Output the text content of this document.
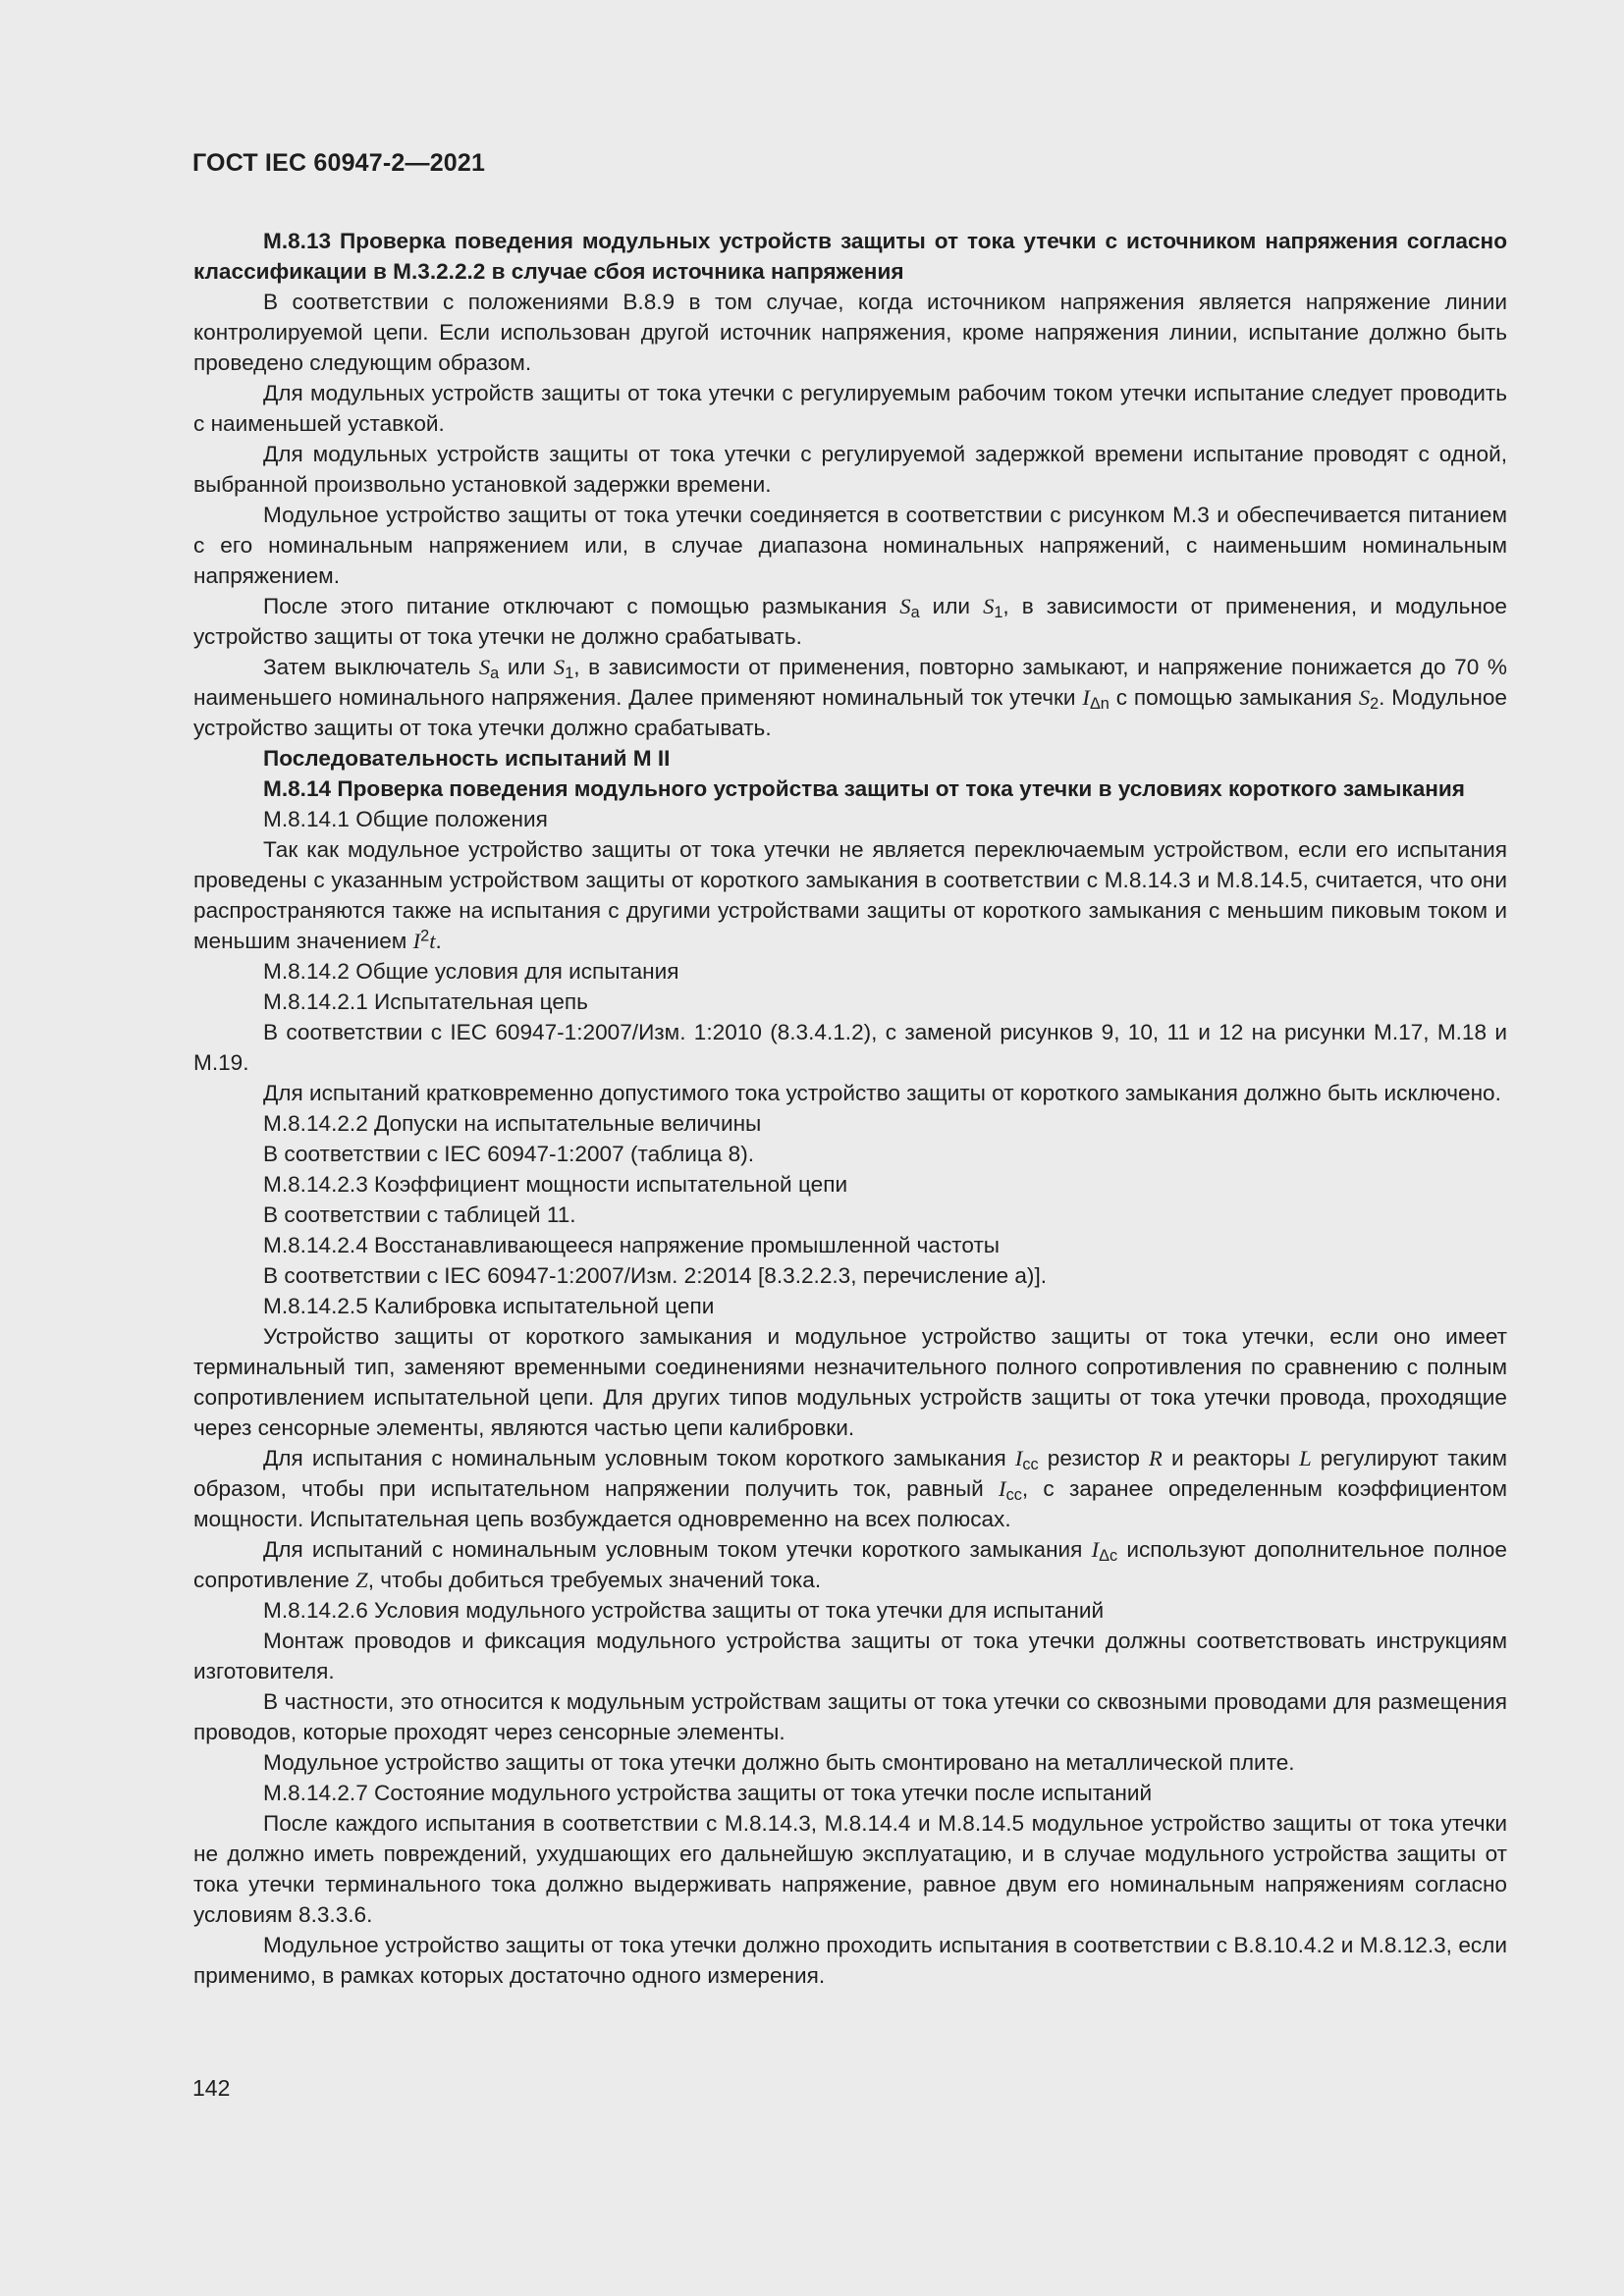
ГОСТ IEC 60947-2—2021

М.8.13 Проверка поведения модульных устройств защиты от тока утечки с источником напряжения согласно классификации в М.3.2.2.2 в случае сбоя источника напряжения

В соответствии с положениями В.8.9 в том случае, когда источником напряжения является напряжение линии контролируемой цепи. Если использован другой источник напряжения, кроме напряжения линии, испытание должно быть проведено следующим образом.

Для модульных устройств защиты от тока утечки с регулируемым рабочим током утечки испытание следует проводить с наименьшей уставкой.

Для модульных устройств защиты от тока утечки с регулируемой задержкой времени испытание проводят с одной, выбранной произвольно установкой задержки времени.

Модульное устройство защиты от тока утечки соединяется в соответствии с рисунком М.3 и обеспечивается питанием с его номинальным напряжением или, в случае диапазона номинальных напряжений, с наименьшим номинальным напряжением.

После этого питание отключают с помощью размыкания $S_a$ или $S_1$, в зависимости от применения, и модульное устройство защиты от тока утечки не должно срабатывать.

Затем выключатель $S_a$ или $S_1$, в зависимости от применения, повторно замыкают, и напряжение понижается до 70 % наименьшего номинального напряжения. Далее применяют номинальный ток утечки $I_{\Delta n}$ с помощью замыкания $S_2$. Модульное устройство защиты от тока утечки должно срабатывать.

Последовательность испытаний М II

М.8.14 Проверка поведения модульного устройства защиты от тока утечки в условиях короткого замыкания

М.8.14.1 Общие положения

Так как модульное устройство защиты от тока утечки не является переключаемым устройством, если его испытания проведены с указанным устройством защиты от короткого замыкания в соответствии с М.8.14.3 и М.8.14.5, считается, что они распространяются также на испытания с другими устройствами защиты от короткого замыкания с меньшим пиковым током и меньшим значением $I^2t$.

М.8.14.2 Общие условия для испытания

М.8.14.2.1 Испытательная цепь

В соответствии с IEC 60947-1:2007/Изм. 1:2010 (8.3.4.1.2), с заменой рисунков 9, 10, 11 и 12 на рисунки М.17, М.18 и М.19.

Для испытаний кратковременно допустимого тока устройство защиты от короткого замыкания должно быть исключено.

М.8.14.2.2 Допуски на испытательные величины

В соответствии с IEC 60947-1:2007 (таблица 8).

М.8.14.2.3 Коэффициент мощности испытательной цепи

В соответствии с таблицей 11.

М.8.14.2.4 Восстанавливающееся напряжение промышленной частоты

В соответствии с IEC 60947-1:2007/Изм. 2:2014 [8.3.2.2.3, перечисление а)].

М.8.14.2.5 Калибровка испытательной цепи

Устройство защиты от короткого замыкания и модульное устройство защиты от тока утечки, если оно имеет терминальный тип, заменяют временными соединениями незначительного полного сопротивления по сравнению с полным сопротивлением испытательной цепи. Для других типов модульных устройств защиты от тока утечки провода, проходящие через сенсорные элементы, являются частью цепи калибровки.

Для испытания с номинальным условным током короткого замыкания $I_{cc}$ резистор R и реакторы L регулируют таким образом, чтобы при испытательном напряжении получить ток, равный $I_{cc}$, с заранее определенным коэффициентом мощности. Испытательная цепь возбуждается одновременно на всех полюсах.

Для испытаний с номинальным условным током утечки короткого замыкания $I_{\Delta c}$ используют дополнительное полное сопротивление Z, чтобы добиться требуемых значений тока.

М.8.14.2.6 Условия модульного устройства защиты от тока утечки для испытаний

Монтаж проводов и фиксация модульного устройства защиты от тока утечки должны соответствовать инструкциям изготовителя.

В частности, это относится к модульным устройствам защиты от тока утечки со сквозными проводами для размещения проводов, которые проходят через сенсорные элементы.

Модульное устройство защиты от тока утечки должно быть смонтировано на металлической плите.

М.8.14.2.7 Состояние модульного устройства защиты от тока утечки после испытаний

После каждого испытания в соответствии с М.8.14.3, М.8.14.4 и М.8.14.5 модульное устройство защиты от тока утечки не должно иметь повреждений, ухудшающих его дальнейшую эксплуатацию, и в случае модульного устройства защиты от тока утечки терминального тока должно выдерживать напряжение, равное двум его номинальным напряжениям согласно условиям 8.3.3.6.

Модульное устройство защиты от тока утечки должно проходить испытания в соответствии с В.8.10.4.2 и М.8.12.3, если применимо, в рамках которых достаточно одного измерения.

142
